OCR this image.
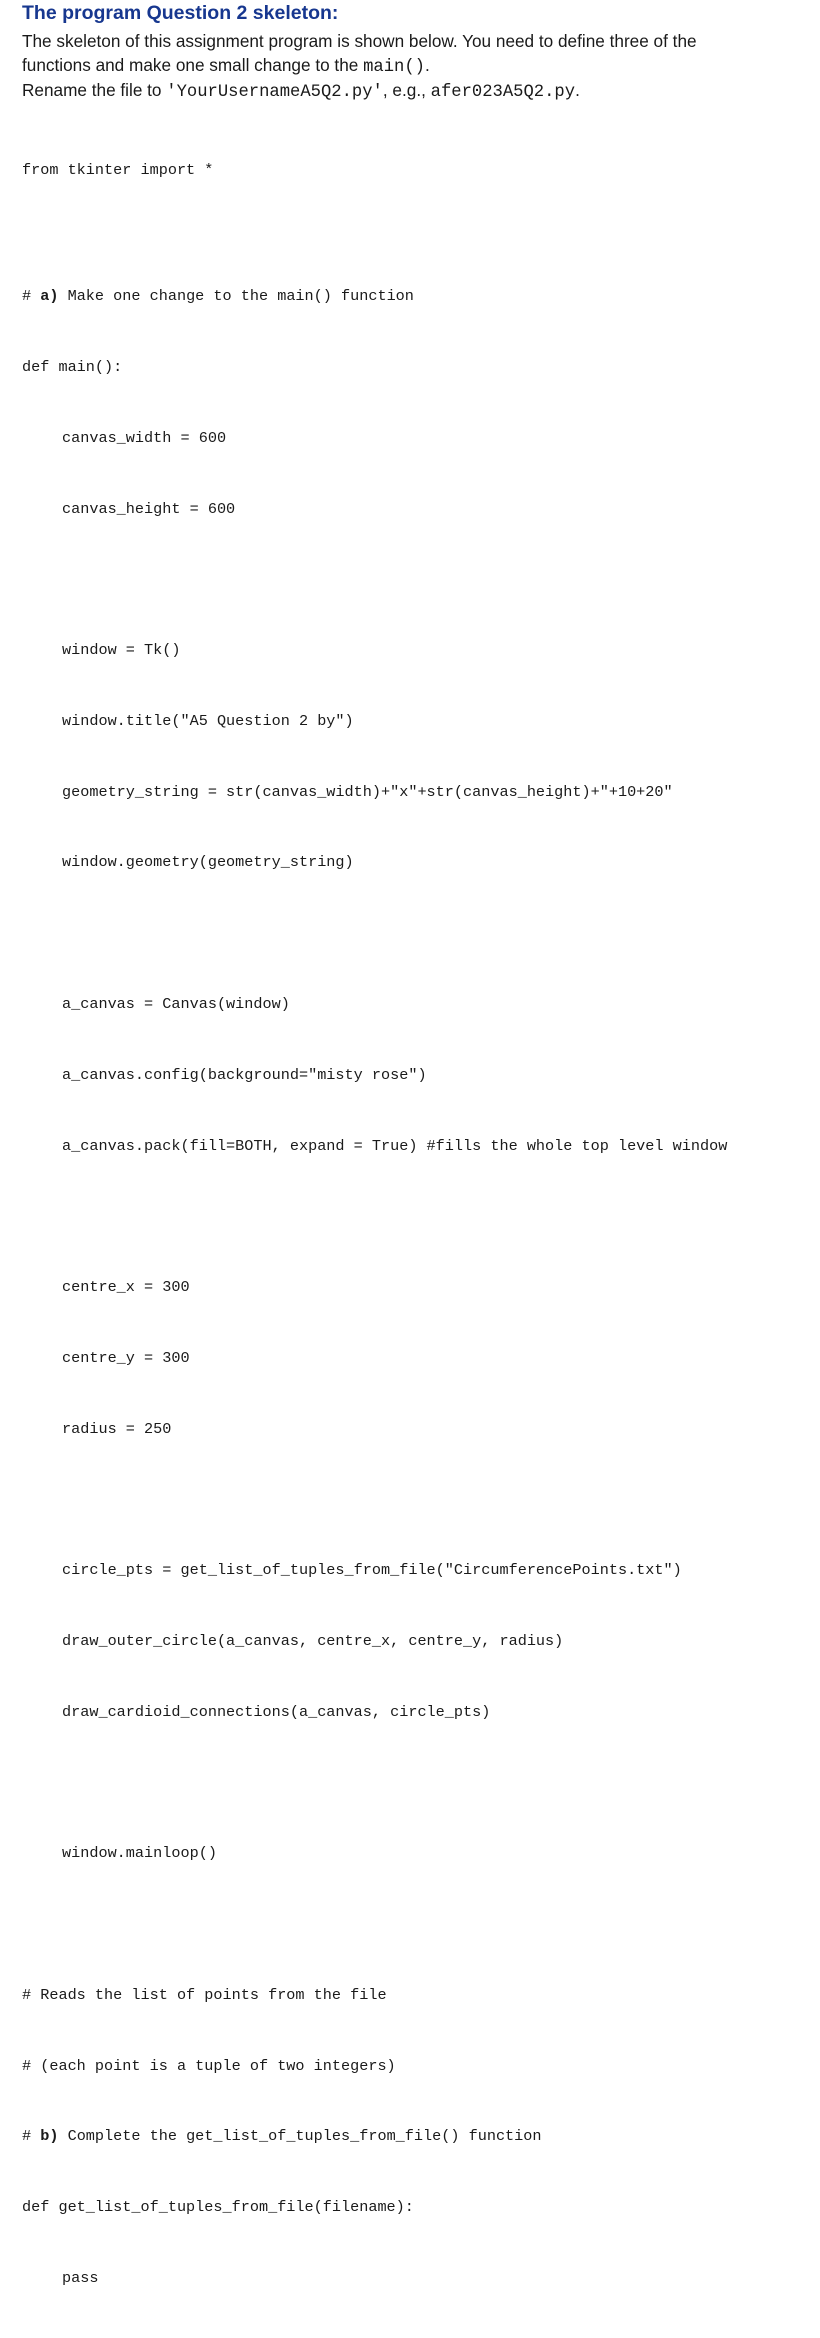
The program Question 2 skeleton:
The skeleton of this assignment program is shown below. You need to define three of the
functions and make one small change to the main().
Rename the file to 'YourUsernameA5Q2.py', e.g., afer023A5Q2.py.

from tkinter import *

# a) Make one change to the main() function

def main():

canvas_width = 600

canvas_height = 600

window = Tk()

window.title("A5 Question 2 by")

geometry_string = str(canvas_width)+"x"+str(canvas_height)+"+10+20"

window.geometry(geometry_string)

a_canvas = Canvas(window)

a_canvas.config(background="misty rose")

a_canvas.pack(fill=BOTH, expand = True) #fills the whole top level window

centre_x = 300

centre_y = 300

radius = 250

circle_pts = get_list_of_tuples_from_file("CircumferencePoints.txt")

draw_outer_circle(a_canvas, centre_x, centre_y, radius)

draw_cardioid_connections(a_canvas, circle_pts)

window.mainloop()

# Reads the list of points from the file

# (each point is a tuple of two integers)

# b) Complete the get_list_of_tuples_from_file() function

def get_list_of_tuples_from_file(filename):

pass
